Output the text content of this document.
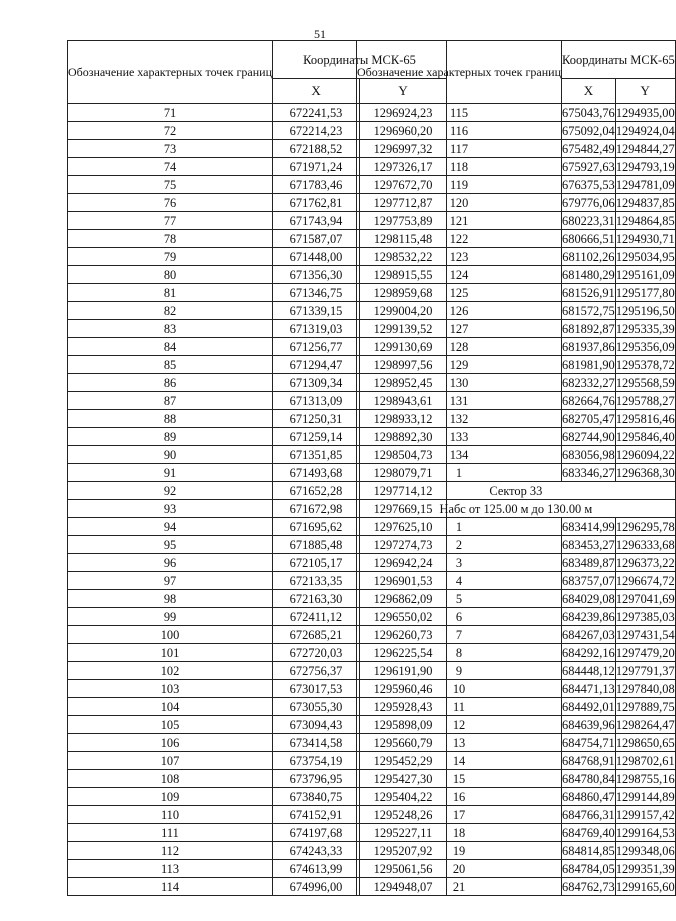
51
Обозначение характерных точек границ	Координаты МСК-65	
	X	Y
71	672241,53	1296924,23
72	672214,23	1296960,20
73	672188,52	1296997,32
74	671971,24	1297326,17
75	671783,46	1297672,70
76	671762,81	1297712,87
77	671743,94	1297753,89
78	671587,07	1298115,48
79	671448,00	1298532,22
80	671356,30	1298915,55
81	671346,75	1298959,68
82	671339,15	1299004,20
83	671319,03	1299139,52
84	671256,77	1299130,69
85	671294,47	1298997,56
86	671309,34	1298952,45
87	671313,09	1298943,61
88	671250,31	1298933,12
89	671259,14	1298892,30
90	671351,85	1298504,73
91	671493,68	1298079,71
92	671652,28	1297714,12
93	671672,98	1297669,15
94	671695,62	1297625,10
95	671885,48	1297274,73
96	672105,17	1296942,24
97	672133,35	1296901,53
98	672163,30	1296862,09
99	672411,12	1296550,02
100	672685,21	1296260,73
101	672720,03	1296225,54
102	672756,37	1296191,90
103	673017,53	1295960,46
104	673055,30	1295928,43
105	673094,43	1295898,09
106	673414,58	1295660,79
107	673754,19	1295452,29
108	673796,95	1295427,30
109	673840,75	1295404,22
110	674152,91	1295248,26
111	674197,68	1295227,11
112	674243,33	1295207,92
113	674613,99	1295061,56
114	674996,00	1294948,07
Обозначение характерных точек границ	Координаты МСК-65	
	X	Y
115	675043,76	1294935,00
116	675092,04	1294924,04
117	675482,49	1294844,27
118	675927,63	1294793,19
119	676375,53	1294781,09
120	679776,06	1294837,85
121	680223,31	1294864,85
122	680666,51	1294930,71
123	681102,26	1295034,95
124	681480,29	1295161,09
125	681526,91	1295177,80
126	681572,75	1295196,50
127	681892,87	1295335,39
128	681937,86	1295356,09
129	681981,90	1295378,72
130	682332,27	1295568,59
131	682664,76	1295788,27
132	682705,47	1295816,46
133	682744,90	1295846,40
134	683056,98	1296094,22
1	683346,27	1296368,30
Сектор 33		
Набс от 125.00 м до 130.00 м		
1	683414,99	1296295,78
2	683453,27	1296333,68
3	683489,87	1296373,22
4	683757,07	1296674,72
5	684029,08	1297041,69
6	684239,86	1297385,03
7	684267,03	1297431,54
8	684292,16	1297479,20
9	684448,12	1297791,37
10	684471,13	1297840,08
11	684492,01	1297889,75
12	684639,96	1298264,47
13	684754,71	1298650,65
14	684768,91	1298702,61
15	684780,84	1298755,16
16	684860,47	1299144,89
17	684766,31	1299157,42
18	684769,40	1299164,53
19	684814,85	1299348,06
20	684784,05	1299351,39
21	684762,73	1299165,60
